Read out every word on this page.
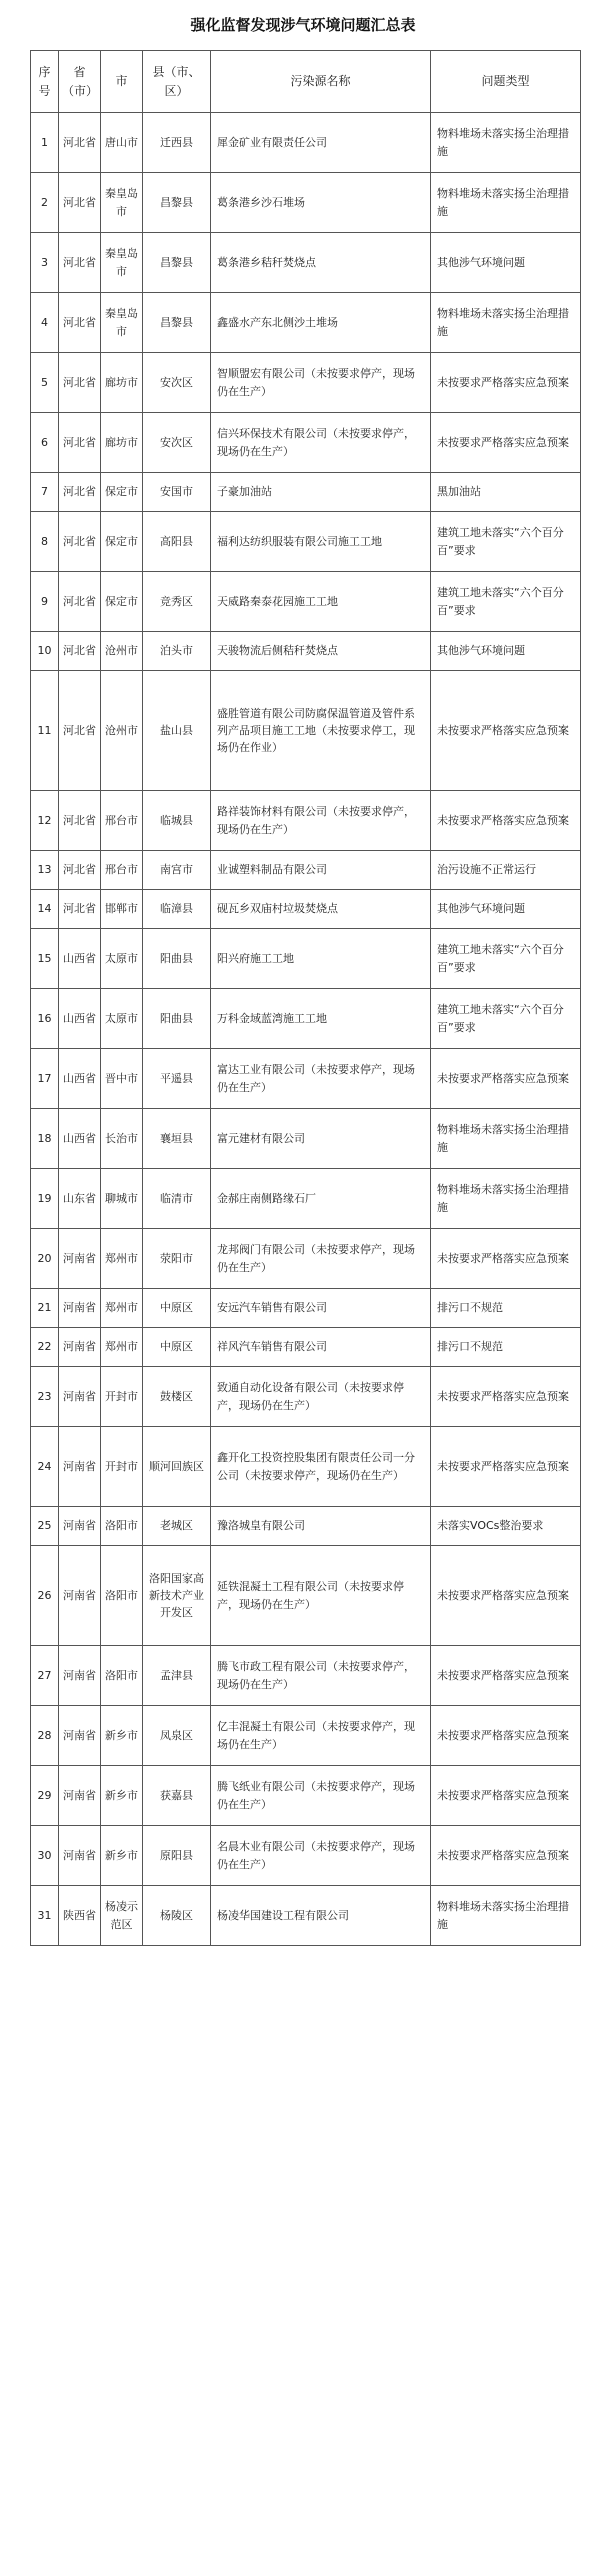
强化监督发现涉气环境问题汇总表
序号	省（市）	市	县（市、区）	污染源名称	问题类型
1	河北省	唐山市	迁西县	犀金矿业有限责任公司	物料堆场未落实扬尘治理措施
2	河北省	秦皇岛市	昌黎县	葛条港乡沙石堆场	物料堆场未落实扬尘治理措施
3	河北省	秦皇岛市	昌黎县	葛条港乡秸秆焚烧点	其他涉气环境问题
4	河北省	秦皇岛市	昌黎县	鑫盛水产东北侧沙土堆场	物料堆场未落实扬尘治理措施
5	河北省	廊坊市	安次区	智顺盟宏有限公司（未按要求停产，现场仍在生产）	未按要求严格落实应急预案
6	河北省	廊坊市	安次区	信兴环保技术有限公司（未按要求停产，现场仍在生产）	未按要求严格落实应急预案
7	河北省	保定市	安国市	子豪加油站	黑加油站
8	河北省	保定市	高阳县	福利达纺织服装有限公司施工工地	建筑工地未落实“六个百分百”要求
9	河北省	保定市	竞秀区	天威路秦泰花园施工工地	建筑工地未落实“六个百分百”要求
10	河北省	沧州市	泊头市	天骏物流后侧秸秆焚烧点	其他涉气环境问题
11	河北省	沧州市	盐山县	盛胜管道有限公司防腐保温管道及管件系列产品项目施工工地（未按要求停工，现场仍在作业）	未按要求严格落实应急预案
12	河北省	邢台市	临城县	路祥装饰材料有限公司（未按要求停产，现场仍在生产）	未按要求严格落实应急预案
13	河北省	邢台市	南宫市	业诚塑料制品有限公司	治污设施不正常运行
14	河北省	邯郸市	临漳县	砚瓦乡双庙村垃圾焚烧点	其他涉气环境问题
15	山西省	太原市	阳曲县	阳兴府施工工地	建筑工地未落实“六个百分百”要求
16	山西省	太原市	阳曲县	万科金域蓝湾施工工地	建筑工地未落实“六个百分百”要求
17	山西省	晋中市	平遥县	富达工业有限公司（未按要求停产，现场仍在生产）	未按要求严格落实应急预案
18	山西省	长治市	襄垣县	富元建材有限公司	物料堆场未落实扬尘治理措施
19	山东省	聊城市	临清市	金郝庄南侧路缘石厂	物料堆场未落实扬尘治理措施
20	河南省	郑州市	荥阳市	龙邦阀门有限公司（未按要求停产，现场仍在生产）	未按要求严格落实应急预案
21	河南省	郑州市	中原区	安远汽车销售有限公司	排污口不规范
22	河南省	郑州市	中原区	祥风汽车销售有限公司	排污口不规范
23	河南省	开封市	鼓楼区	致通自动化设备有限公司（未按要求停产，现场仍在生产）	未按要求严格落实应急预案
24	河南省	开封市	顺河回族区	鑫开化工投资控股集团有限责任公司一分公司（未按要求停产，现场仍在生产）	未按要求严格落实应急预案
25	河南省	洛阳市	老城区	豫洛城皇有限公司	未落实VOCs整治要求
26	河南省	洛阳市	洛阳国家高新技术产业开发区	延铁混凝土工程有限公司（未按要求停产，现场仍在生产）	未按要求严格落实应急预案
27	河南省	洛阳市	孟津县	腾飞市政工程有限公司（未按要求停产，现场仍在生产）	未按要求严格落实应急预案
28	河南省	新乡市	凤泉区	亿丰混凝土有限公司（未按要求停产，现场仍在生产）	未按要求严格落实应急预案
29	河南省	新乡市	获嘉县	腾飞纸业有限公司（未按要求停产，现场仍在生产）	未按要求严格落实应急预案
30	河南省	新乡市	原阳县	名晨木业有限公司（未按要求停产，现场仍在生产）	未按要求严格落实应急预案
31	陕西省	杨凌示范区	杨陵区	杨凌华国建设工程有限公司	物料堆场未落实扬尘治理措施
